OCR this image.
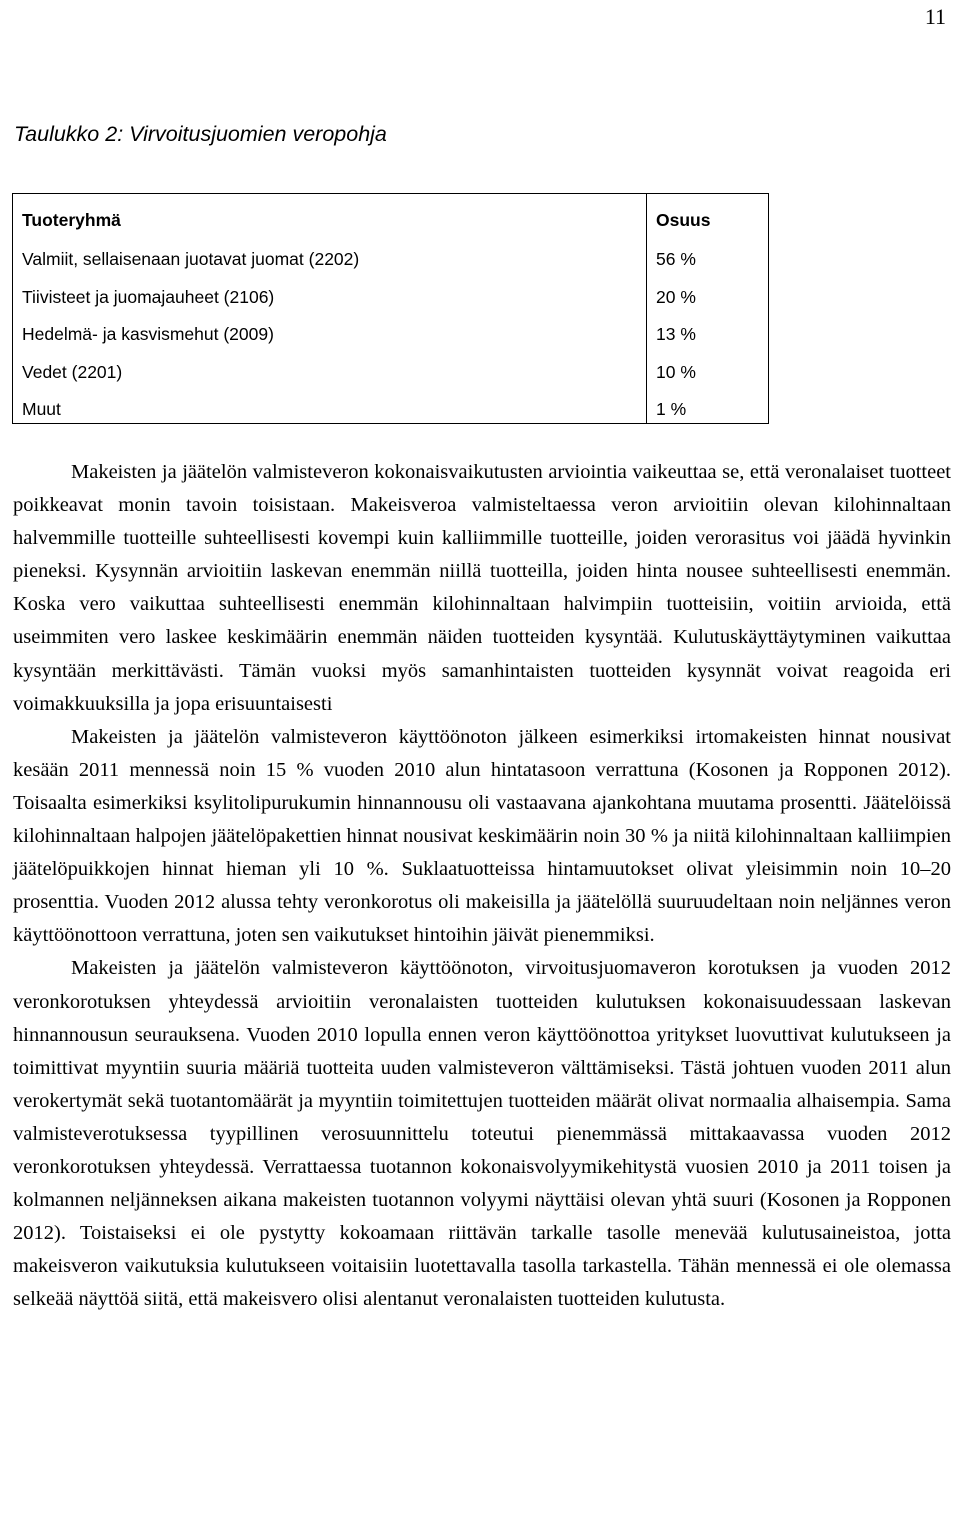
11
Taulukko 2: Virvoitusjuomien veropohja
Tuoteryhmä	Osuus
Valmiit, sellaisenaan juotavat juomat (2202)	56 %
Tiivisteet ja juomajauheet (2106)	20 %
Hedelmä- ja kasvismehut (2009)	13 %
Vedet (2201)	10 %
Muut	1 %

Makeisten ja jäätelön valmisteveron kokonaisvaikutusten arviointia vaikeuttaa se, että veronalaiset tuotteet poikkeavat monin tavoin toisistaan. Makeisveroa valmisteltaessa veron arvioitiin olevan kilohinnaltaan halvemmille tuotteille suhteellisesti kovempi kuin kalliimmille tuotteille, joiden verorasitus voi jäädä hyvinkin pieneksi. Kysynnän arvioitiin laskevan enemmän niillä tuotteilla, joiden hinta nousee suhteellisesti enemmän. Koska vero vaikuttaa suhteellisesti enemmän kilohinnaltaan halvimpiin tuotteisiin, voitiin arvioida, että useimmiten vero laskee keskimäärin enemmän näiden tuotteiden kysyntää. Kulutuskäyttäytyminen vaikuttaa kysyntään merkittävästi. Tämän vuoksi myös samanhintaisten tuotteiden kysynnät voivat reagoida eri voimakkuuksilla ja jopa erisuuntaisesti

Makeisten ja jäätelön valmisteveron käyttöönoton jälkeen esimerkiksi irtomakeisten hinnat nousivat kesään 2011 mennessä noin 15 % vuoden 2010 alun hintatasoon verrattuna (Kosonen ja Ropponen 2012). Toisaalta esimerkiksi ksylitolipurukumin hinnannousu oli vastaavana ajankohtana muutama prosentti. Jäätelöissä kilohinnaltaan halpojen jäätelöpakettien hinnat nousivat keskimäärin noin 30 % ja niitä kilohinnaltaan kalliimpien jäätelöpuikkojen hinnat hieman yli 10 %. Suklaatuotteissa hintamuutokset olivat yleisimmin noin 10–20 prosenttia. Vuoden 2012 alussa tehty veronkorotus oli makeisilla ja jäätelöllä suuruudeltaan noin neljännes veron käyttöönottoon verrattuna, joten sen vaikutukset hintoihin jäivät pienemmiksi.

Makeisten ja jäätelön valmisteveron käyttöönoton, virvoitusjuomaveron korotuksen ja vuoden 2012 veronkorotuksen yhteydessä arvioitiin veronalaisten tuotteiden kulutuksen kokonaisuudessaan laskevan hinnannousun seurauksena. Vuoden 2010 lopulla ennen veron käyttöönottoa yritykset luovuttivat kulutukseen ja toimittivat myyntiin suuria määriä tuotteita uuden valmisteveron välttämiseksi. Tästä johtuen vuoden 2011 alun verokertymät sekä tuotantomäärät ja myyntiin toimitettujen tuotteiden määrät olivat normaalia alhaisempia. Sama valmisteverotuksessa tyypillinen verosuunnittelu toteutui pienemmässä mittakaavassa vuoden 2012 veronkorotuksen yhteydessä. Verrattaessa tuotannon kokonaisvolyymikehitystä vuosien 2010 ja 2011 toisen ja kolmannen neljänneksen aikana makeisten tuotannon volyymi näyttäisi olevan yhtä suuri (Kosonen ja Ropponen 2012). Toistaiseksi ei ole pystytty kokoamaan riittävän tarkalle tasolle menevää kulutusaineistoa, jotta makeisveron vaikutuksia kulutukseen voitaisiin luotettavalla tasolla tarkastella. Tähän mennessä ei ole olemassa selkeää näyttöä siitä, että makeisvero olisi alentanut veronalaisten tuotteiden kulutusta.
